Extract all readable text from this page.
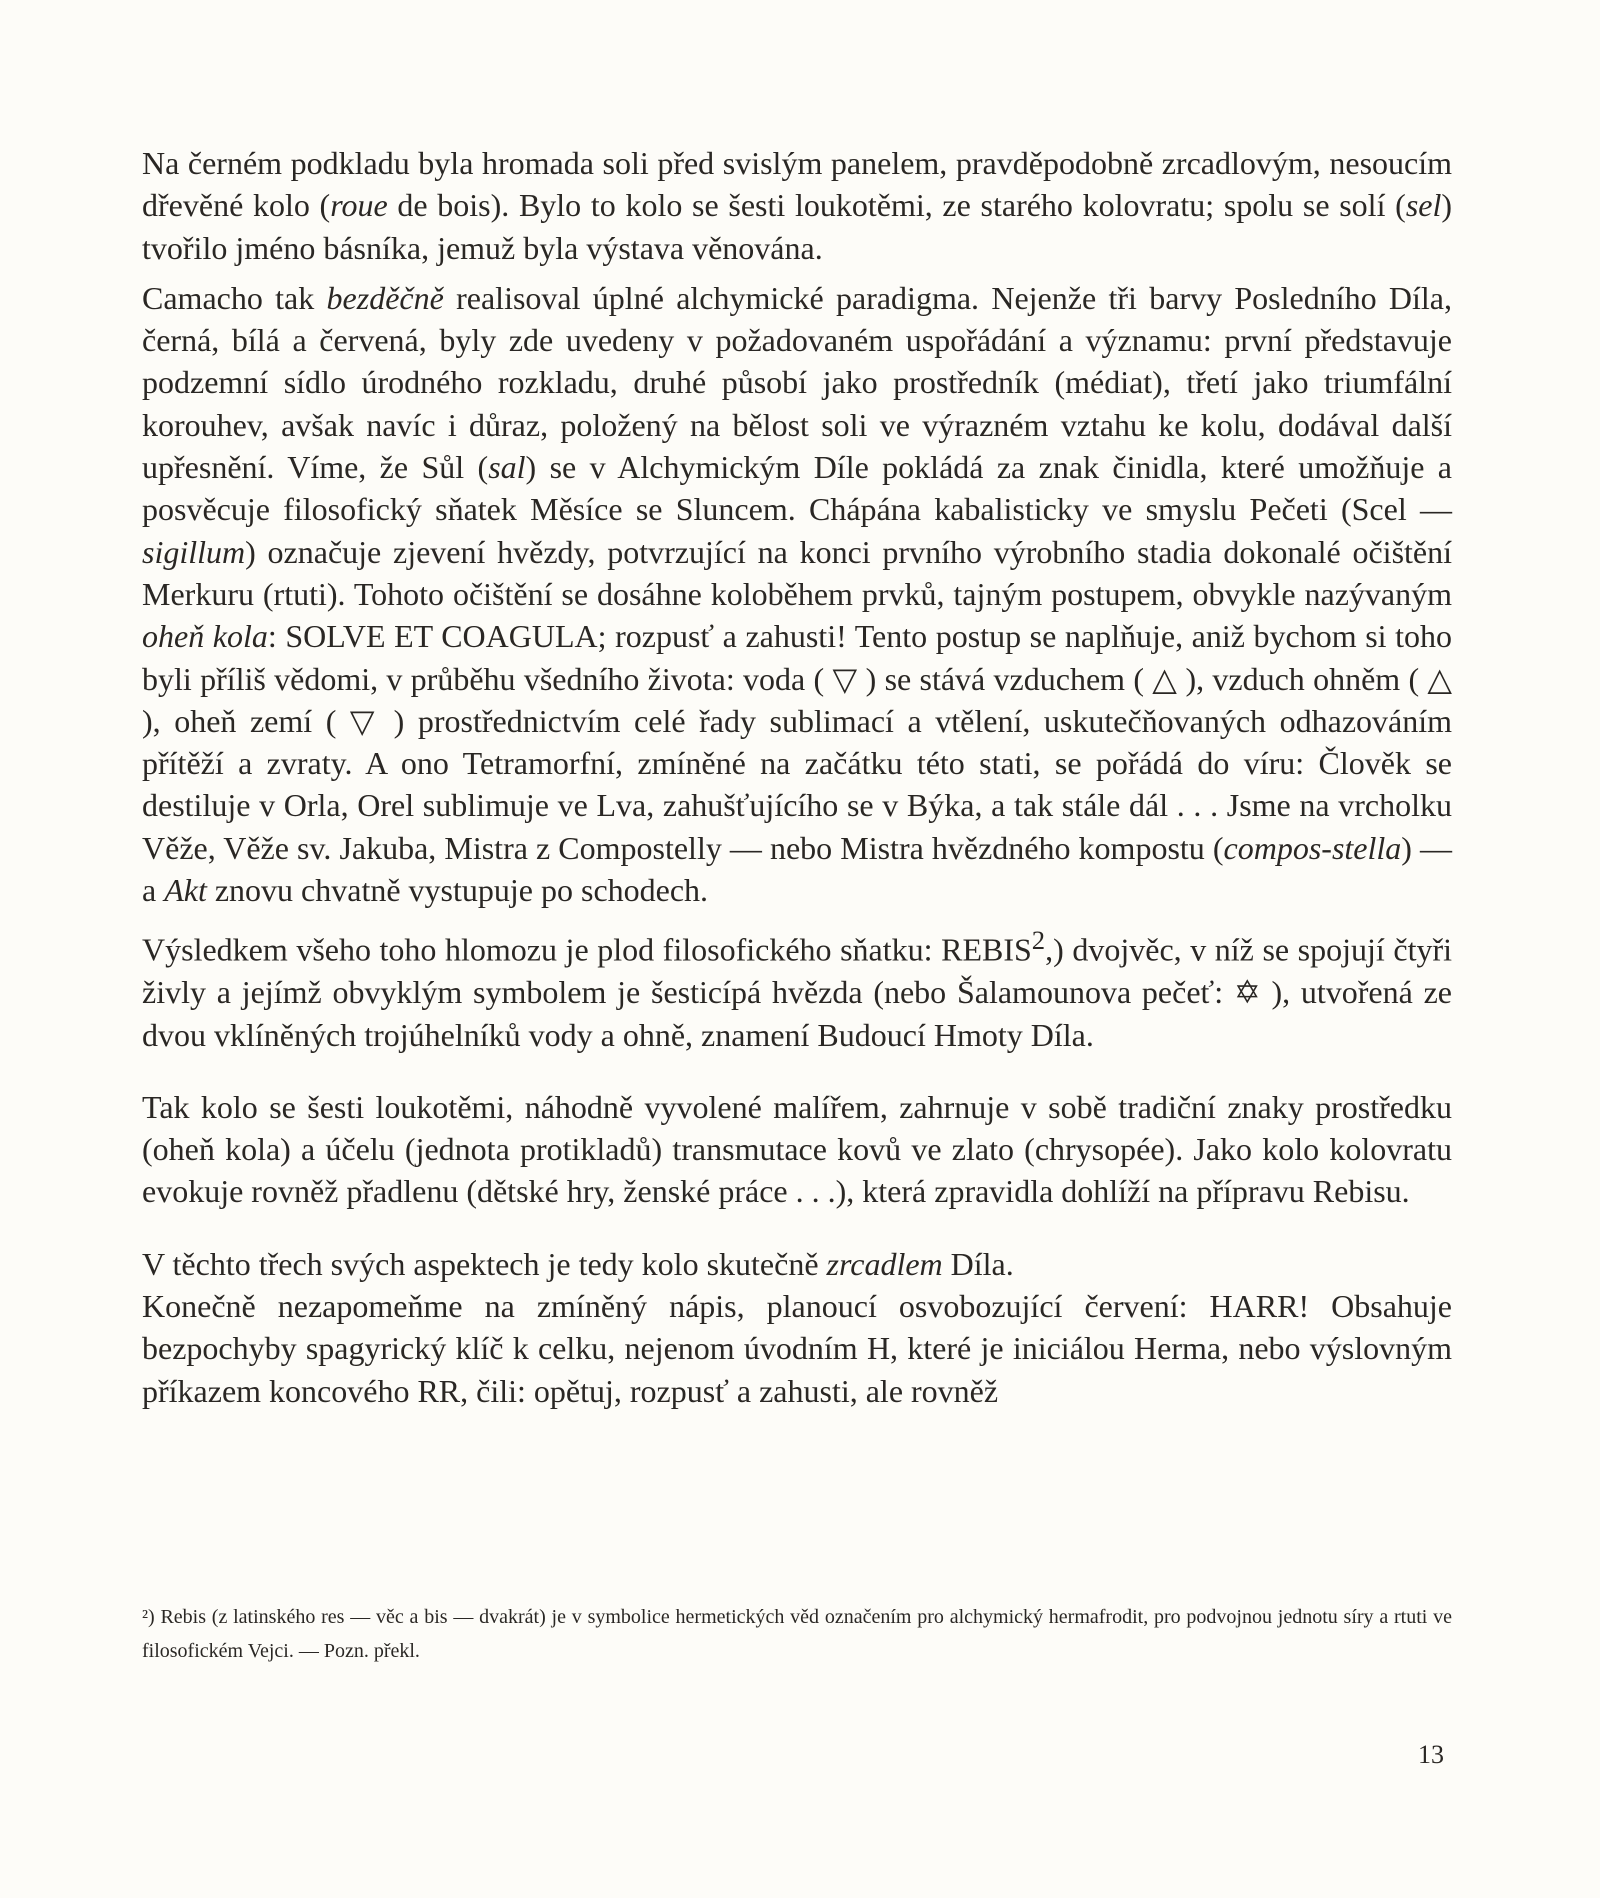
Na černém podkladu byla hromada soli před svislým panelem, pravděpodobně zrcadlovým, nesoucím dřevěné kolo (roue de bois). Bylo to kolo se šesti loukotěmi, ze starého kolovratu; spolu se solí (sel) tvořilo jméno básníka, jemuž byla výstava věnována.

Camacho tak bezděčně realisoval úplné alchymické paradigma. Nejenže tři barvy Posledního Díla, černá, bílá a červená, byly zde uvedeny v požadovaném uspořádání a významu: první představuje podzemní sídlo úrodného rozkladu, druhé působí jako prostředník (médiat), třetí jako triumfální korouhev, avšak navíc i důraz, položený na bělost soli ve výrazném vztahu ke kolu, dodával další upřesnění. Víme, že Sůl (sal) se v Alchymickým Díle pokládá za znak činidla, které umožňuje a posvěcuje filosofický sňatek Měsíce se Sluncem. Chápána kabalisticky ve smyslu Pečeti (Scel — sigillum) označuje zjevení hvězdy, potvrzující na konci prvního výrobního stadia dokonalé očištění Merkuru (rtuti). Tohoto očištění se dosáhne koloběhem prvků, tajným postupem, obvykle nazývaným oheň kola: SOLVE ET COAGULA; rozpusť a zahusti! Tento postup se naplňuje, aniž bychom si toho byli příliš vědomi, v průběhu všedního života: voda ( ▽ ) se stává vzduchem ( △ ), vzduch ohněm ( △ ), oheň zemí ( ▽ ) prostřednictvím celé řady sublimací a vtělení, uskutečňovaných odhazováním přítěží a zvraty. A ono Tetramorfní, zmíněné na začátku této stati, se pořádá do víru: Člověk se destiluje v Orla, Orel sublimuje ve Lva, zahušťujícího se v Býka, a tak stále dál . . . Jsme na vrcholku Věže, Věže sv. Jakuba, Mistra z Compostelly — nebo Mistra hvězdného kompostu (compos-stella) — a Akt znovu chvatně vystupuje po schodech.

Výsledkem všeho toho hlomozu je plod filosofického sňatku: REBIS$^2$,) dvojvěc, v níž se spojují čtyři živly a jejímž obvyklým symbolem je šesticípá hvězda (nebo Šalamounova pečeť: ✡ ), utvořená ze dvou vklíněných trojúhelníků vody a ohně, znamení Budoucí Hmoty Díla.

Tak kolo se šesti loukotěmi, náhodně vyvolené malířem, zahrnuje v sobě tradiční znaky prostředku (oheň kola) a účelu (jednota protikladů) transmutace kovů ve zlato (chrysopée). Jako kolo kolovratu evokuje rovněž přadlenu (dětské hry, ženské práce . . .), která zpravidla dohlíží na přípravu Rebisu.

V těchto třech svých aspektech je tedy kolo skutečně zrcadlem Díla.

Konečně nezapomeňme na zmíněný nápis, planoucí osvobozující červení: HARR! Obsahuje bezpochyby spagyrický klíč k celku, nejenom úvodním H, které je iniciálou Herma, nebo výslovným příkazem koncového RR, čili: opětuj, rozpusť a zahusti, ale rovněž

²) Rebis (z latinského res — věc a bis — dvakrát) je v symbolice hermetických věd označením pro alchymický hermafrodit, pro podvojnou jednotu síry a rtuti ve filosofickém Vejci. — Pozn. překl.
13
